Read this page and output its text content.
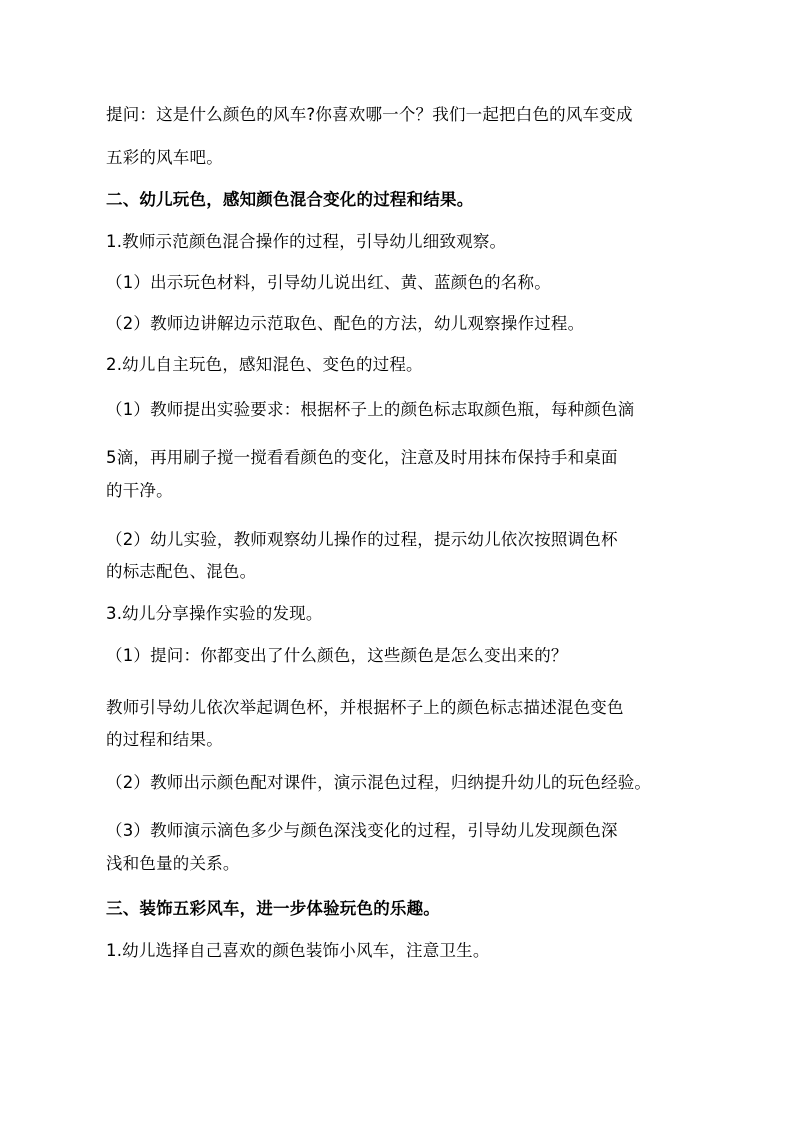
提问：这是什么颜色的风车?你喜欢哪一个？我们一起把白色的风车变成
五彩的风车吧。
二、幼儿玩色，感知颜色混合变化的过程和结果。
1.教师示范颜色混合操作的过程，引导幼儿细致观察。
（1）出示玩色材料，引导幼儿说出红、黄、蓝颜色的名称。
（2）教师边讲解边示范取色、配色的方法，幼儿观察操作过程。
2.幼儿自主玩色，感知混色、变色的过程。
（1）教师提出实验要求：根据杯子上的颜色标志取颜色瓶，每种颜色滴
5滴，再用刷子搅一搅看看颜色的变化，注意及时用抹布保持手和桌面
的干净。
（2）幼儿实验，教师观察幼儿操作的过程，提示幼儿依次按照调色杯
的标志配色、混色。
3.幼儿分享操作实验的发现。
（1）提问：你都变出了什么颜色，这些颜色是怎么变出来的？
教师引导幼儿依次举起调色杯，并根据杯子上的颜色标志描述混色变色
的过程和结果。
（2）教师出示颜色配对课件，演示混色过程，归纳提升幼儿的玩色经验。
（3）教师演示滴色多少与颜色深浅变化的过程，引导幼儿发现颜色深
浅和色量的关系。
三、装饰五彩风车，进一步体验玩色的乐趣。
1.幼儿选择自己喜欢的颜色装饰小风车，注意卫生。
